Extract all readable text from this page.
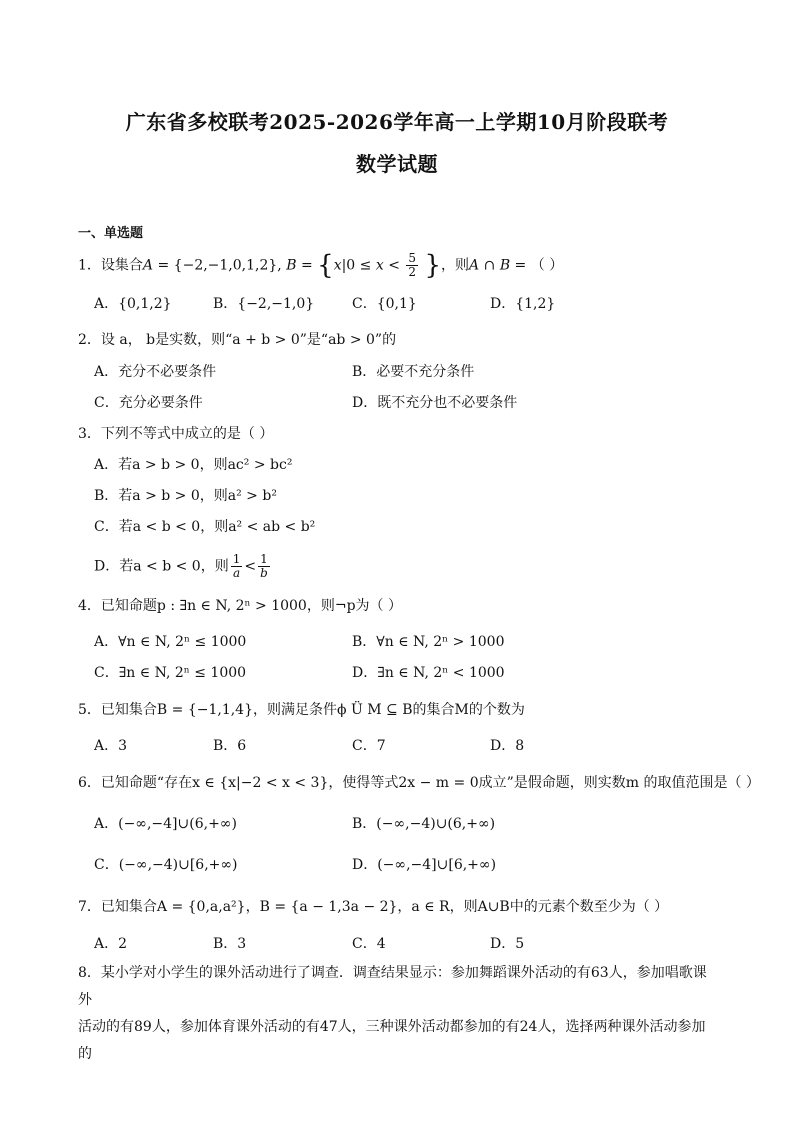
广东省多校联考2025-2026学年高一上学期10月阶段联考
数学试题
一、单选题
1．设集合A = {−2,−1,0,1,2}, $B = \{x|0 \le x < \frac{5}{2}$ }，则A ∩ B = （ ）
A．{0,1,2}	B．{−2,−1,0}	C．{0,1}	D．{1,2}
2．设 a， b是实数，则“a + b > 0”是“ab > 0”的
A．充分不必要条件	B．必要不充分条件
C．充分必要条件	D．既不充分也不必要条件
3．下列不等式中成立的是（ ）
A．若a > b > 0，则ac² > bc²
B．若a > b > 0，则a² > b²
C．若a < b < 0，则a² < ab < b²
D．若a < b < 0，则 $\frac{1}{a} < \frac{1}{b}$
4．已知命题p : ∃n ∈ N, 2ⁿ > 1000，则¬p为（ ）
A．∀n ∈ N, 2ⁿ ≤ 1000	B．∀n ∈ N, 2ⁿ > 1000
C．∃n ∈ N, 2ⁿ ≤ 1000	D．∃n ∈ N, 2ⁿ < 1000
5．已知集合B = {−1,1,4}，则满足条件ϕ Ü M ⊆ B的集合M的个数为
A．3	B．6	C．7	D．8
6．已知命题“存在x ∈ {x|−2 < x < 3}，使得等式2x − m = 0成立”是假命题，则实数m 的取值范围是（ ）
A．(−∞,−4]∪(6,+∞)	B．(−∞,−4)∪(6,+∞)
C．(−∞,−4)∪[6,+∞)	D．(−∞,−4]∪[6,+∞)
7．已知集合A = {0,a,a²}，B = {a − 1,3a − 2}，a ∈ R，则A∪B中的元素个数至少为（ ）
A．2	B．3	C．4	D．5
8．某小学对小学生的课外活动进行了调查．调查结果显示：参加舞蹈课外活动的有63人，参加唱歌课外
活动的有89人，参加体育课外活动的有47人，三种课外活动都参加的有24人，选择两种课外活动参加的
